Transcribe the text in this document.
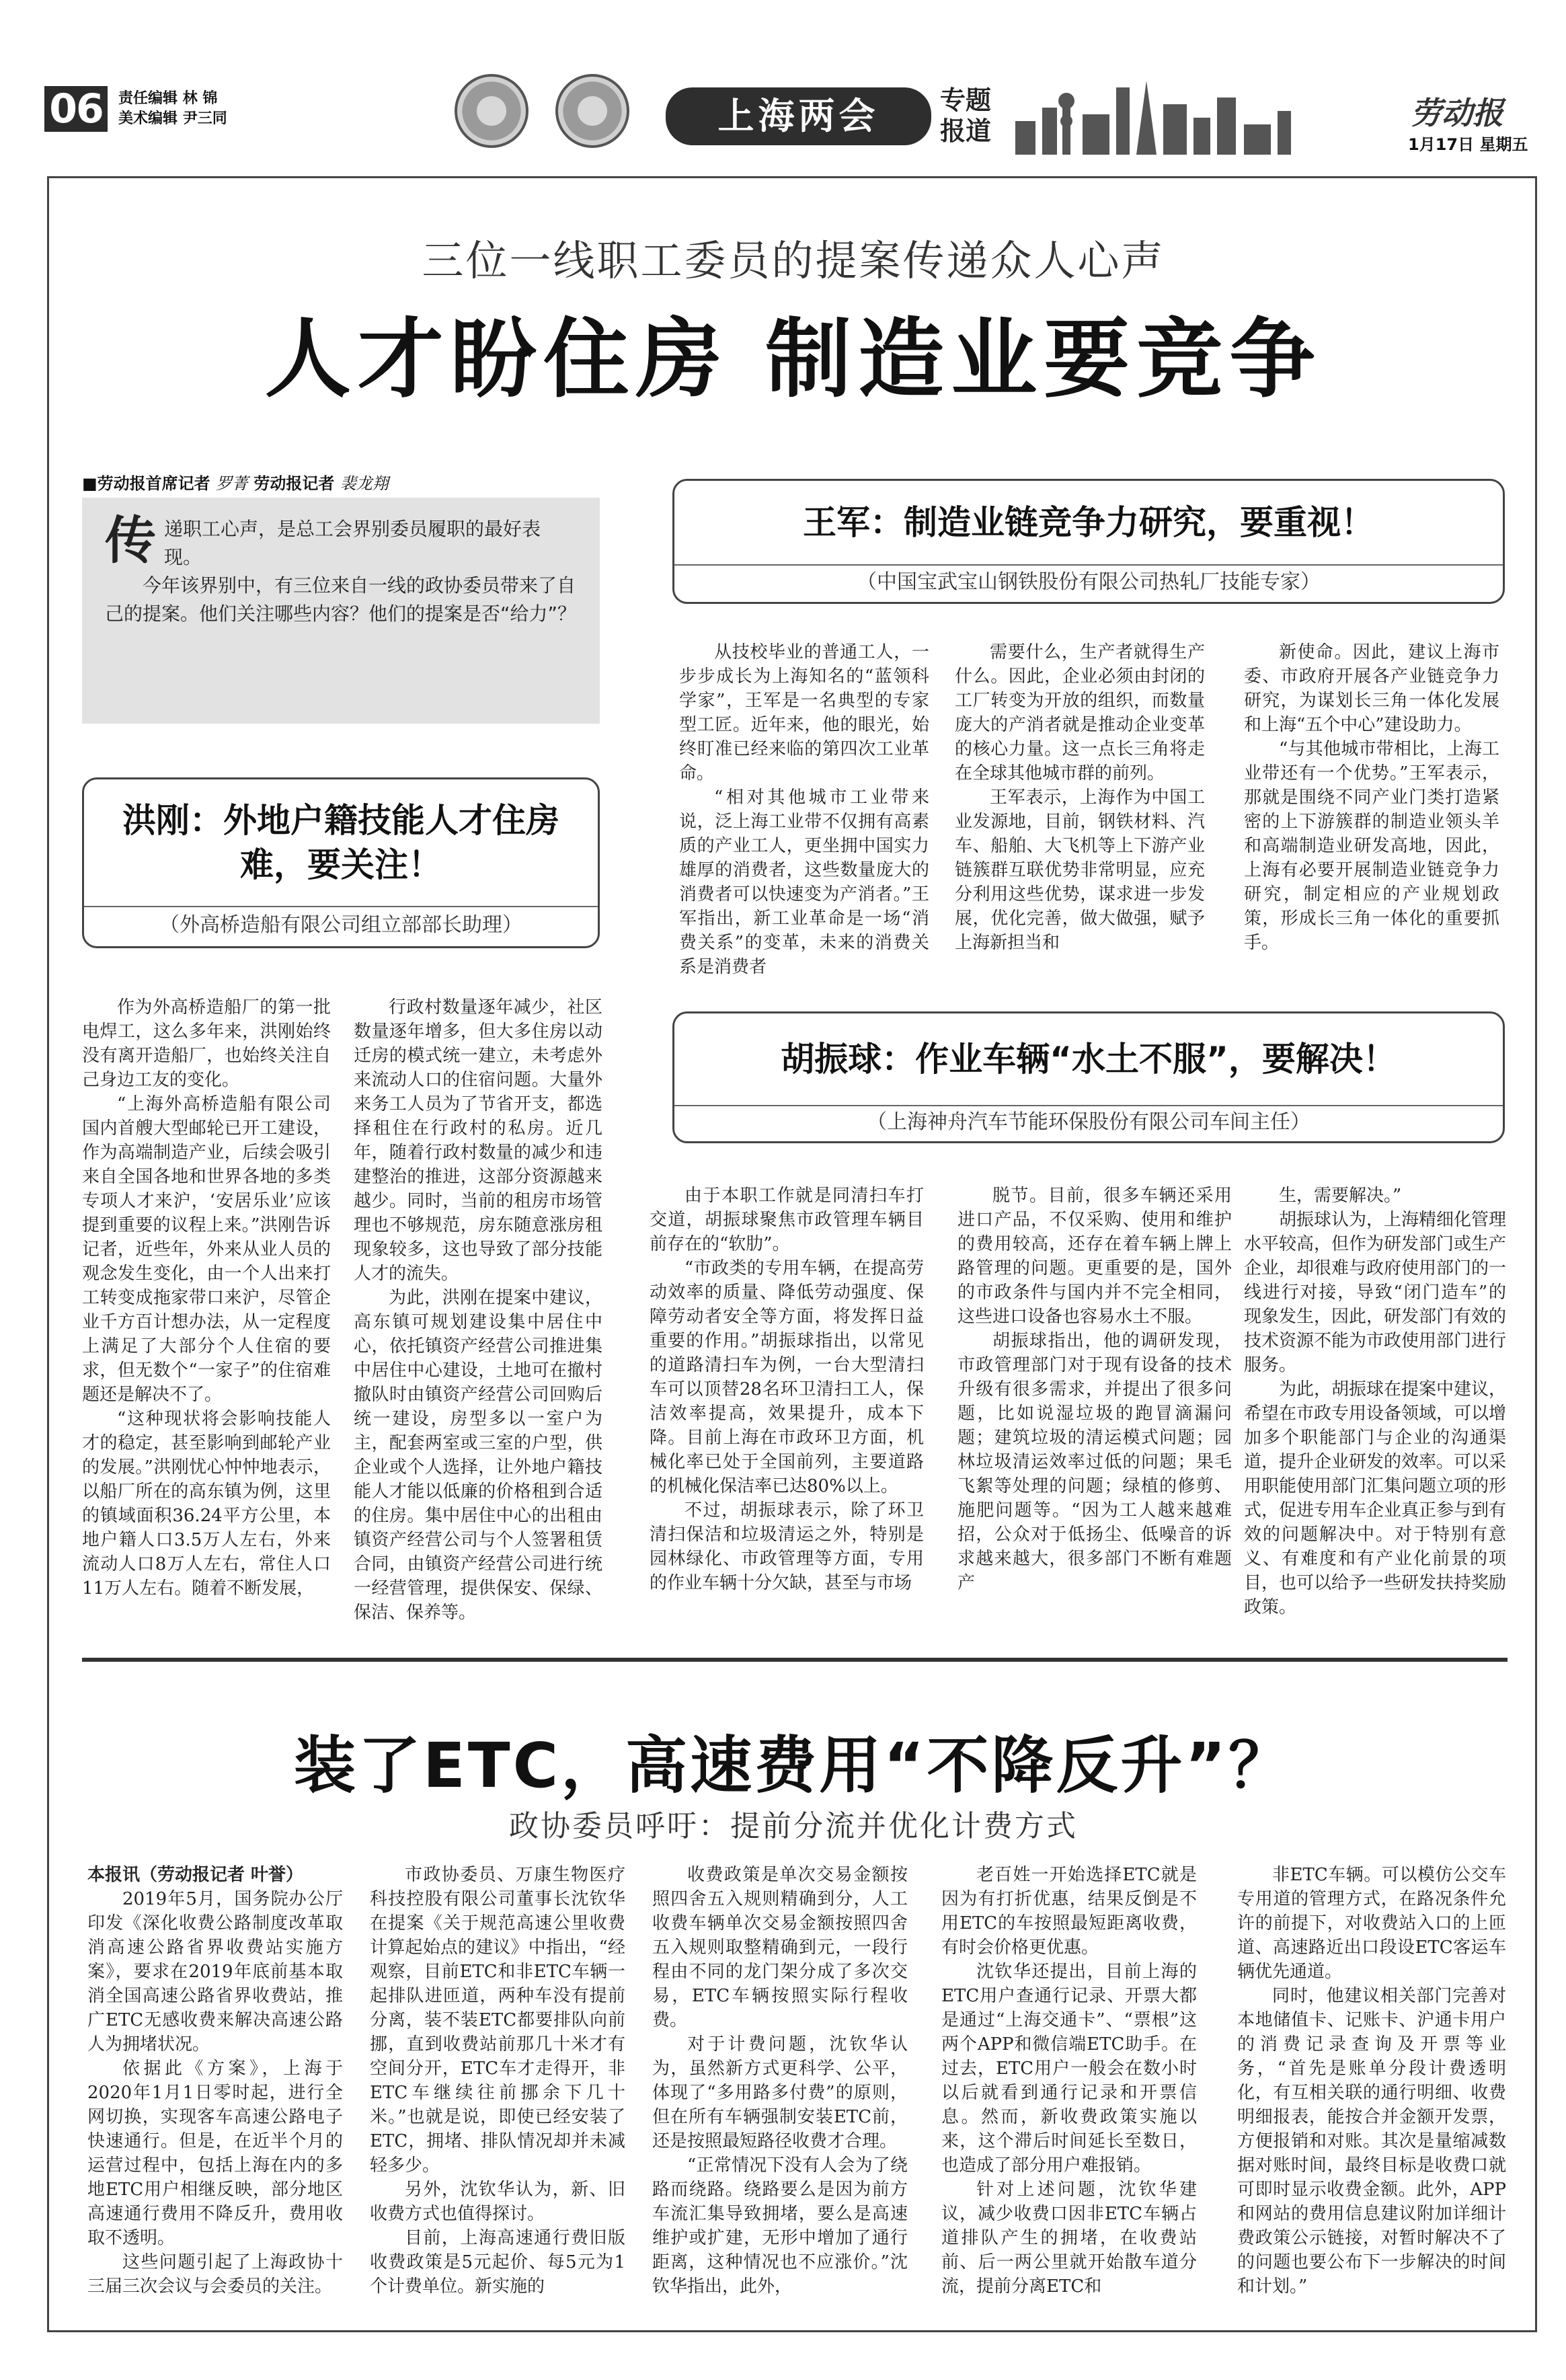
06	责任编辑 林 锦
美术编辑 尹三同	上海两会	专题
报道	劳动报
1月17日 星期五
三位一线职工委员的提案传递众人心声
人才盼住房 制造业要竞争
■劳动报首席记者 罗菁 劳动报记者 裴龙翔
传 递职工心声，是总工会界别委员履职的最好表现。

今年该界别中，有三位来自一线的政协委员带来了自己的提案。他们关注哪些内容？他们的提案是否“给力”？

洪刚：外地户籍技能人才住房难，要关注！
（外高桥造船有限公司组立部部长助理）

作为外高桥造船厂的第一批电焊工，这么多年来，洪刚始终没有离开造船厂，也始终关注自己身边工友的变化。

“上海外高桥造船有限公司国内首艘大型邮轮已开工建设，作为高端制造产业，后续会吸引来自全国各地和世界各地的多类专项人才来沪，‘安居乐业’应该提到重要的议程上来。”洪刚告诉记者，近些年，外来从业人员的观念发生变化，由一个人出来打工转变成拖家带口来沪，尽管企业千方百计想办法，从一定程度上满足了大部分个人住宿的要求，但无数个“一家子”的住宿难题还是解决不了。

“这种现状将会影响技能人才的稳定，甚至影响到邮轮产业的发展。”洪刚忧心忡忡地表示，以船厂所在的高东镇为例，这里的镇域面积36.24平方公里，本地户籍人口3.5万人左右，外来流动人口8万人左右，常住人口11万人左右。随着不断发展，

行政村数量逐年减少，社区数量逐年增多，但大多住房以动迁房的模式统一建立，未考虑外来流动人口的住宿问题。大量外来务工人员为了节省开支，都选择租住在行政村的私房。近几年，随着行政村数量的减少和违建整治的推进，这部分资源越来越少。同时，当前的租房市场管理也不够规范，房东随意涨房租现象较多，这也导致了部分技能人才的流失。

为此，洪刚在提案中建议，高东镇可规划建设集中居住中心，依托镇资产经营公司推进集中居住中心建设，土地可在撤村撤队时由镇资产经营公司回购后统一建设，房型多以一室户为主，配套两室或三室的户型，供企业或个人选择，让外地户籍技能人才能以低廉的价格租到合适的住房。集中居住中心的出租由镇资产经营公司与个人签署租赁合同，由镇资产经营公司进行统一经营管理，提供保安、保绿、保洁、保养等。

王军：制造业链竞争力研究，要重视！
（中国宝武宝山钢铁股份有限公司热轧厂技能专家）

从技校毕业的普通工人，一步步成长为上海知名的“蓝领科学家”，王军是一名典型的专家型工匠。近年来，他的眼光，始终盯准已经来临的第四次工业革命。

“相对其他城市工业带来说，泛上海工业带不仅拥有高素质的产业工人，更坐拥中国实力雄厚的消费者，这些数量庞大的消费者可以快速变为产消者。”王军指出，新工业革命是一场“消费关系”的变革，未来的消费关系是消费者

需要什么，生产者就得生产什么。因此，企业必须由封闭的工厂转变为开放的组织，而数量庞大的产消者就是推动企业变革的核心力量。这一点长三角将走在全球其他城市群的前列。

王军表示，上海作为中国工业发源地，目前，钢铁材料、汽车、船舶、大飞机等上下游产业链簇群互联优势非常明显，应充分利用这些优势，谋求进一步发展，优化完善，做大做强，赋予上海新担当和

新使命。因此，建议上海市委、市政府开展各产业链竞争力研究，为谋划长三角一体化发展和上海“五个中心”建设助力。

“与其他城市带相比，上海工业带还有一个优势。”王军表示，那就是围绕不同产业门类打造紧密的上下游簇群的制造业领头羊和高端制造业研发高地，因此，上海有必要开展制造业链竞争力研究，制定相应的产业规划政策，形成长三角一体化的重要抓手。

胡振球：作业车辆“水土不服”，要解决！
（上海神舟汽车节能环保股份有限公司车间主任）

由于本职工作就是同清扫车打交道，胡振球聚焦市政管理车辆目前存在的“软肋”。

“市政类的专用车辆，在提高劳动效率的质量、降低劳动强度、保障劳动者安全等方面，将发挥日益重要的作用。”胡振球指出，以常见的道路清扫车为例，一台大型清扫车可以顶替28名环卫清扫工人，保洁效率提高，效果提升，成本下降。目前上海在市政环卫方面，机械化率已处于全国前列，主要道路的机械化保洁率已达80%以上。

不过，胡振球表示，除了环卫清扫保洁和垃圾清运之外，特别是园林绿化、市政管理等方面，专用的作业车辆十分欠缺，甚至与市场

脱节。目前，很多车辆还采用进口产品，不仅采购、使用和维护的费用较高，还存在着车辆上牌上路管理的问题。更重要的是，国外的市政条件与国内并不完全相同，这些进口设备也容易水土不服。

胡振球指出，他的调研发现，市政管理部门对于现有设备的技术升级有很多需求，并提出了很多问题，比如说湿垃圾的跑冒滴漏问题；建筑垃圾的清运模式问题；园林垃圾清运效率过低的问题；果毛飞絮等处理的问题；绿植的修剪、施肥问题等。“因为工人越来越难招，公众对于低扬尘、低噪音的诉求越来越大，很多部门不断有难题产

生，需要解决。”

胡振球认为，上海精细化管理水平较高，但作为研发部门或生产企业，却很难与政府使用部门的一线进行对接，导致“闭门造车”的现象发生，因此，研发部门有效的技术资源不能为市政使用部门进行服务。

为此，胡振球在提案中建议，希望在市政专用设备领域，可以增加多个职能部门与企业的沟通渠道，提升企业研发的效率。可以采用职能使用部门汇集问题立项的形式，促进专用车企业真正参与到有效的问题解决中。对于特别有意义、有难度和有产业化前景的项目，也可以给予一些研发扶持奖励政策。

装了ETC，高速费用“不降反升”？
政协委员呼吁：提前分流并优化计费方式
本报讯（劳动报记者 叶誉）

2019年5月，国务院办公厅印发《深化收费公路制度改革取消高速公路省界收费站实施方案》，要求在2019年底前基本取消全国高速公路省界收费站，推广ETC无感收费来解决高速公路人为拥堵状况。

依据此《方案》，上海于2020年1月1日零时起，进行全网切换，实现客车高速公路电子快速通行。但是，在近半个月的运营过程中，包括上海在内的多地ETC用户相继反映，部分地区高速通行费用不降反升，费用收取不透明。

这些问题引起了上海政协十三届三次会议与会委员的关注。

市政协委员、万康生物医疗科技控股有限公司董事长沈钦华在提案《关于规范高速公里收费计算起始点的建议》中指出，“经观察，目前ETC和非ETC车辆一起排队进匝道，两种车没有提前分离，装不装ETC都要排队向前挪，直到收费站前那几十米才有空间分开，ETC车才走得开，非ETC车继续往前挪余下几十米。”也就是说，即使已经安装了ETC，拥堵、排队情况却并未减轻多少。

另外，沈钦华认为，新、旧收费方式也值得探讨。

目前，上海高速通行费旧版收费政策是5元起价、每5元为1个计费单位。新实施的

收费政策是单次交易金额按照四舍五入规则精确到分，人工收费车辆单次交易金额按照四舍五入规则取整精确到元，一段行程由不同的龙门架分成了多次交易，ETC车辆按照实际行程收费。

对于计费问题，沈钦华认为，虽然新方式更科学、公平，体现了“多用路多付费”的原则，但在所有车辆强制安装ETC前，还是按照最短路径收费才合理。

“正常情况下没有人会为了绕路而绕路。绕路要么是因为前方车流汇集导致拥堵，要么是高速维护或扩建，无形中增加了通行距离，这种情况也不应涨价。”沈钦华指出，此外，

老百姓一开始选择ETC就是因为有打折优惠，结果反倒是不用ETC的车按照最短距离收费，有时会价格更优惠。

沈钦华还提出，目前上海的ETC用户查通行记录、开票大都是通过“上海交通卡”、“票根”这两个APP和微信端ETC助手。在过去，ETC用户一般会在数小时以后就看到通行记录和开票信息。然而，新收费政策实施以来，这个滞后时间延长至数日，也造成了部分用户难报销。

针对上述问题，沈钦华建议，减少收费口因非ETC车辆占道排队产生的拥堵，在收费站前、后一两公里就开始散车道分流，提前分离ETC和

非ETC车辆。可以模仿公交车专用道的管理方式，在路况条件允许的前提下，对收费站入口的上匝道、高速路近出口段设ETC客运车辆优先通道。

同时，他建议相关部门完善对本地储值卡、记账卡、沪通卡用户的消费记录查询及开票等业务，“首先是账单分段计费透明化，有互相关联的通行明细、收费明细报表，能按合并金额开发票，方便报销和对账。其次是量缩减数据对账时间，最终目标是收费口就可即时显示收费金额。此外，APP和网站的费用信息建议附加详细计费政策公示链接，对暂时解决不了的问题也要公布下一步解决的时间和计划。”
